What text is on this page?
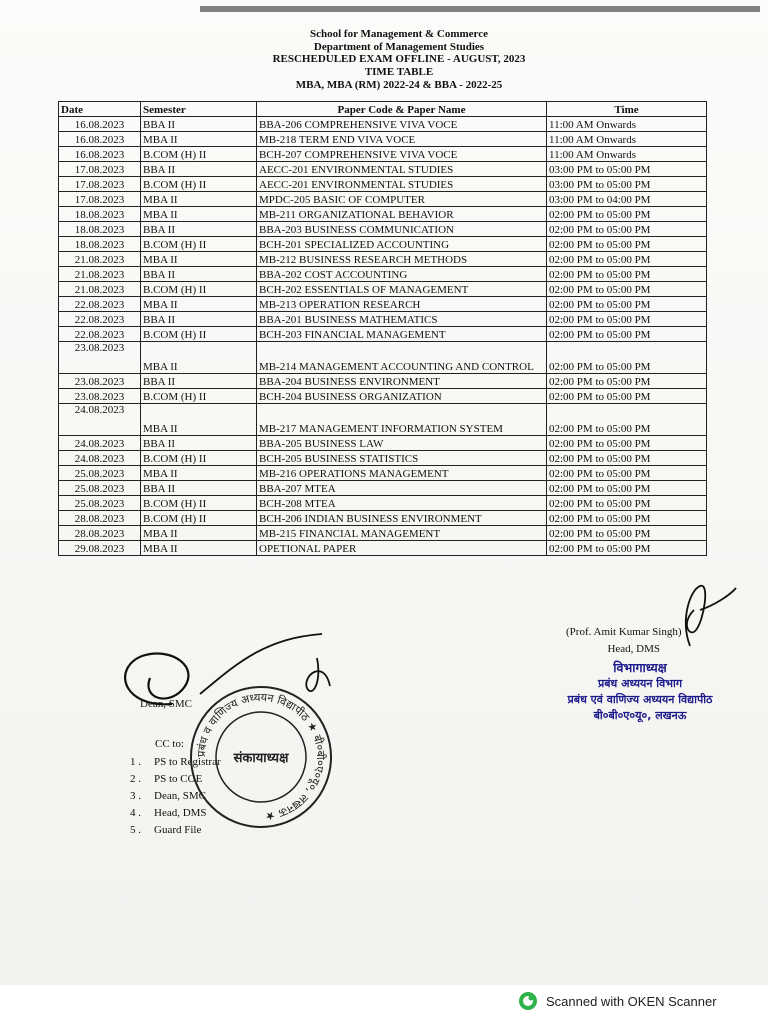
School for Management & Commerce
Department of Management Studies
RESCHEDULED EXAM OFFLINE - AUGUST, 2023
TIME TABLE
MBA, MBA (RM) 2022-24 & BBA - 2022-25
Date	Semester	Paper Code & Paper Name	Time
16.08.2023	BBA II	BBA-206 COMPREHENSIVE VIVA VOCE	11:00 AM Onwards
16.08.2023	MBA II	MB-218 TERM END VIVA VOCE	11:00 AM Onwards
16.08.2023	B.COM (H) II	BCH-207 COMPREHENSIVE VIVA VOCE	11:00 AM Onwards
17.08.2023	BBA II	AECC-201 ENVIRONMENTAL STUDIES	03:00 PM to 05:00 PM
17.08.2023	B.COM (H) II	AECC-201 ENVIRONMENTAL STUDIES	03:00 PM to 05:00 PM
17.08.2023	MBA II	MPDC-205 BASIC OF COMPUTER	03:00 PM to 04:00 PM
18.08.2023	MBA II	MB-211 ORGANIZATIONAL BEHAVIOR	02:00 PM to 05:00 PM
18.08.2023	BBA II	BBA-203 BUSINESS COMMUNICATION	02:00 PM to 05:00 PM
18.08.2023	B.COM (H) II	BCH-201 SPECIALIZED ACCOUNTING	02:00 PM to 05:00 PM
21.08.2023	MBA II	MB-212 BUSINESS RESEARCH METHODS	02:00 PM to 05:00 PM
21.08.2023	BBA II	BBA-202 COST ACCOUNTING	02:00 PM to 05:00 PM
21.08.2023	B.COM (H) II	BCH-202 ESSENTIALS OF MANAGEMENT	02:00 PM to 05:00 PM
22.08.2023	MBA II	MB-213 OPERATION RESEARCH	02:00 PM to 05:00 PM
22.08.2023	BBA II	BBA-201 BUSINESS MATHEMATICS	02:00 PM to 05:00 PM
22.08.2023	B.COM (H) II	BCH-203 FINANCIAL MANAGEMENT	02:00 PM to 05:00 PM
23.08.2023	MBA II	MB-214 MANAGEMENT ACCOUNTING AND CONTROL	02:00 PM to 05:00 PM
23.08.2023	BBA II	BBA-204 BUSINESS ENVIRONMENT	02:00 PM to 05:00 PM
23.08.2023	B.COM (H) II	BCH-204 BUSINESS ORGANIZATION	02:00 PM to 05:00 PM
24.08.2023	MBA II	MB-217 MANAGEMENT INFORMATION SYSTEM	02:00 PM to 05:00 PM
24.08.2023	BBA II	BBA-205 BUSINESS LAW	02:00 PM to 05:00 PM
24.08.2023	B.COM (H) II	BCH-205 BUSINESS STATISTICS	02:00 PM to 05:00 PM
25.08.2023	MBA II	MB-216 OPERATIONS MANAGEMENT	02:00 PM to 05:00 PM
25.08.2023	BBA II	BBA-207 MTEA	02:00 PM to 05:00 PM
25.08.2023	B.COM (H) II	BCH-208 MTEA	02:00 PM to 05:00 PM
28.08.2023	B.COM (H) II	BCH-206 INDIAN BUSINESS ENVIRONMENT	02:00 PM to 05:00 PM
28.08.2023	MBA II	MB-215 FINANCIAL MANAGEMENT	02:00 PM to 05:00 PM
29.08.2023	MBA II	OPETIONAL PAPER	02:00 PM to 05:00 PM
Dean, SMC
CC to:
1 . PS to Registrar
2 . PS to COE
3 . Dean, SMC
4 . Head, DMS
5 . Guard File
प्रबंध व वाणिज्य अध्ययन विद्यापीठ ★ बी०बी०ए०यू०, लखनऊ ★
संकायाध्यक्ष
(Prof. Amit Kumar Singh)
Head, DMS
विभागाध्यक्ष
प्रबंध अध्ययन विभाग
प्रबंध एवं वाणिज्य अध्ययन विद्यापीठ
बी०बी०ए०यू०, लखनऊ
Scanned with OKEN Scanner
